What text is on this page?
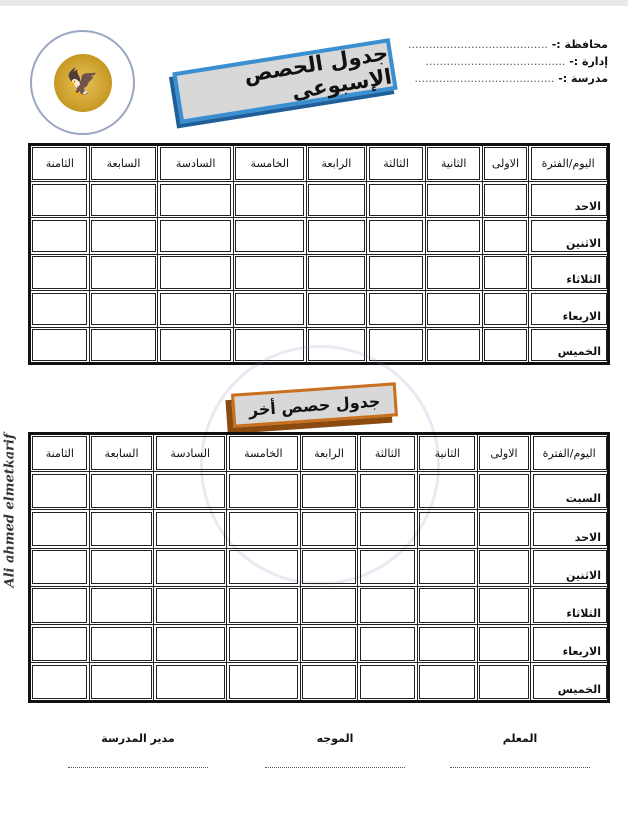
🦅	جدول الحصص الإسبوعى
محافظة :- ........................................
إدارة :- ........................................
مدرسة :- ........................................
اليوم/الفترة	الاولى	الثانية	الثالثة	الرابعة	الخامسة	السادسة	السابعة	الثامنة
الاحد								
الاثنين								
الثلاثاء								
الاربعاء								
الخميس								
جدول حصص أخر
Ali ahmed elmetkarif	اليوم/الفترة	الاولى	الثانية	الثالثة	الرابعة	الخامسة	السادسة	السابعة	الثامنة
السبت								
الاحد								
الاثنين								
الثلاثاء								
الاربعاء								
الخميس								
المعلم
الموجه
مدير المدرسة
